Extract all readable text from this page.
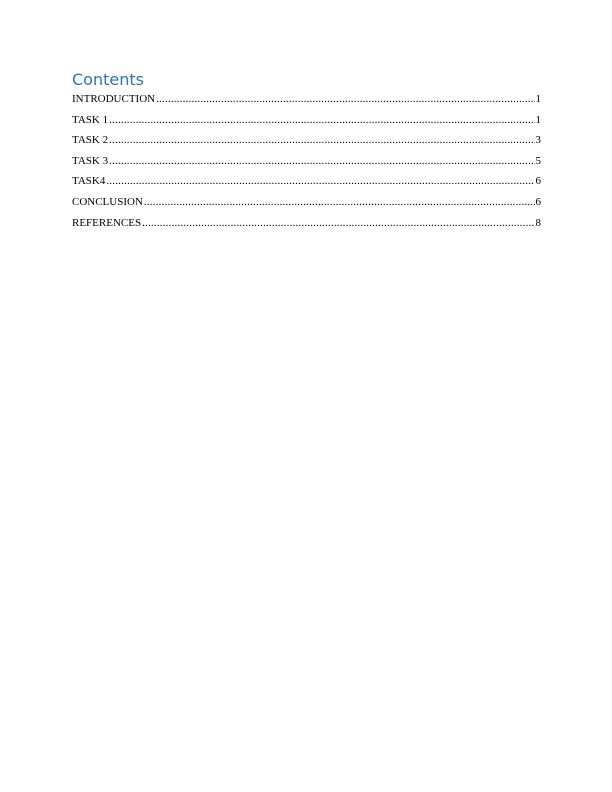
Contents
INTRODUCTION .....	1
TASK 1 .....	1
TASK 2 .....	3
TASK 3 .....	5
TASK4 .....	6
CONCLUSION .....	6
REFERENCES .....	8
